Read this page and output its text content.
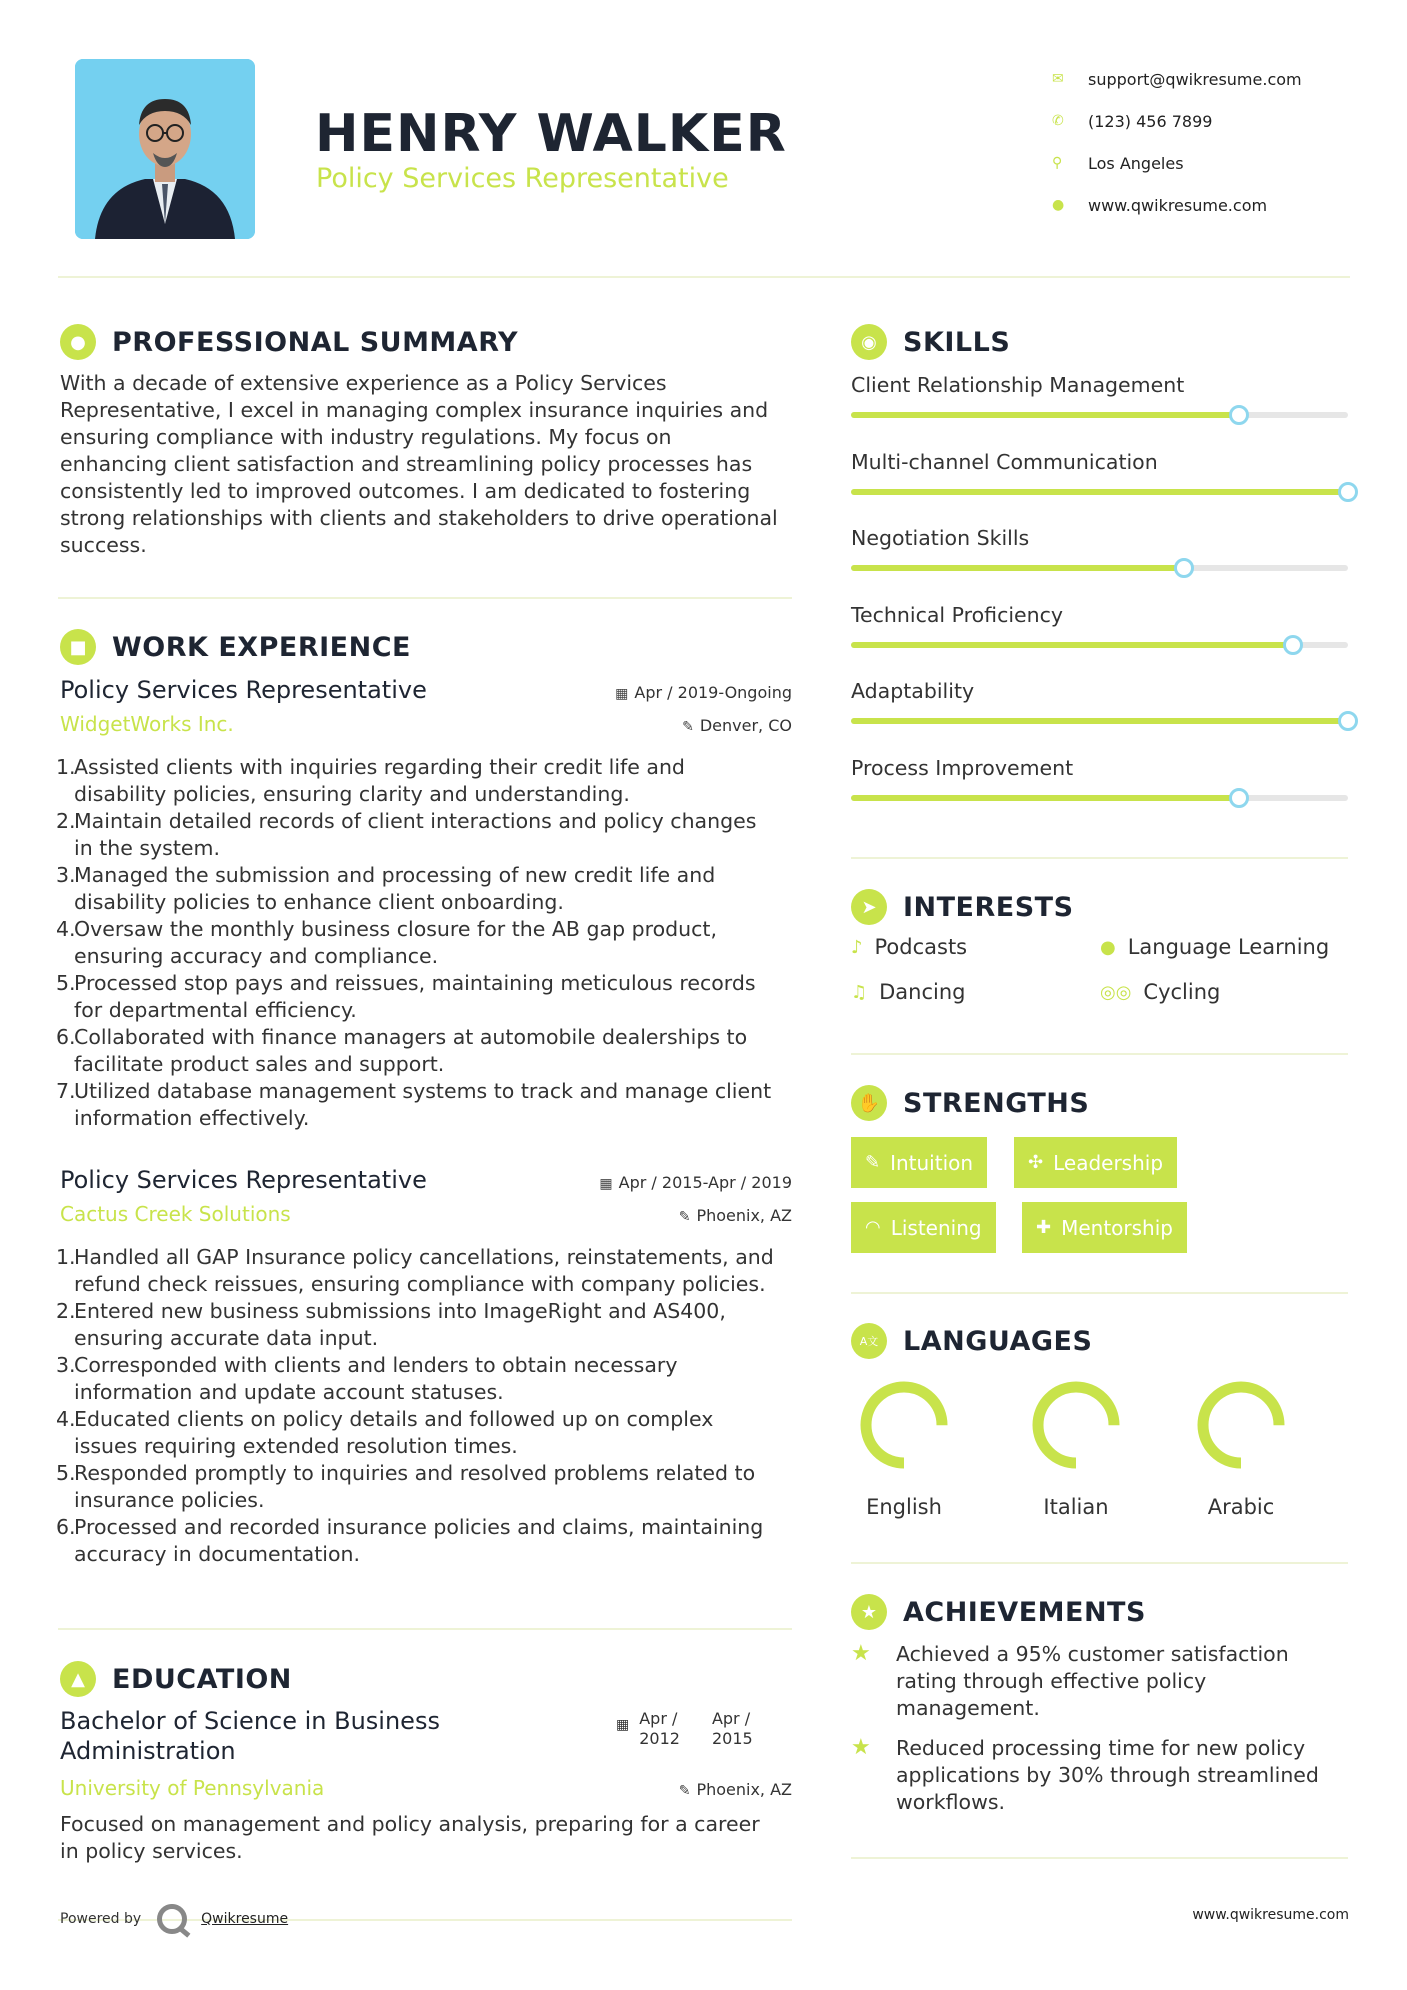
HENRY WALKER
Policy Services Representative
✉	support@qwikresume.com
✆	(123) 456 7899
⚲	Los Angeles
●	www.qwikresume.com
● PROFESSIONAL SUMMARY
With a decade of extensive experience as a Policy Services
Representative, I excel in managing complex insurance inquiries and
ensuring compliance with industry regulations. My focus on
enhancing client satisfaction and streamlining policy processes has
consistently led to improved outcomes. I am dedicated to fostering
strong relationships with clients and stakeholders to drive operational
success.
■ WORK EXPERIENCE
Policy Services Representative	▦ Apr / 2019-Ongoing
WidgetWorks Inc.	✎ Denver, CO
1.
Assisted clients with inquiries regarding their credit life and
disability policies, ensuring clarity and understanding.
2.
Maintain detailed records of client interactions and policy changes
in the system.
3.
Managed the submission and processing of new credit life and
disability policies to enhance client onboarding.
4.
Oversaw the monthly business closure for the AB gap product,
ensuring accuracy and compliance.
5.
Processed stop pays and reissues, maintaining meticulous records
for departmental efficiency.
6.
Collaborated with finance managers at automobile dealerships to
facilitate product sales and support.
7.
Utilized database management systems to track and manage client
information effectively.
Policy Services Representative	▦ Apr / 2015-Apr / 2019
Cactus Creek Solutions	✎ Phoenix, AZ
1.
Handled all GAP Insurance policy cancellations, reinstatements, and
refund check reissues, ensuring compliance with company policies.
2.
Entered new business submissions into ImageRight and AS400,
ensuring accurate data input.
3.
Corresponded with clients and lenders to obtain necessary
information and update account statuses.
4.
Educated clients on policy details and followed up on complex
issues requiring extended resolution times.
5.
Responded promptly to inquiries and resolved problems related to
insurance policies.
6.
Processed and recorded insurance policies and claims, maintaining
accuracy in documentation.
▲	EDUCATION
Bachelor of Science in Business
Administration
▦ Apr /
2012
Apr /
2015
University of Pennsylvania	✎ Phoenix, AZ
Focused on management and policy analysis, preparing for a career
in policy services.
◉ SKILLS
Client Relationship Management
Multi-channel Communication
Negotiation Skills
Technical Proficiency
Adaptability
Process Improvement
➤ INTERESTS
♪ Podcasts	● Language Learning
♫ Dancing	◎◎ Cycling
✋ STRENGTHS
✎ Intuition	✣ Leadership
◠ Listening	✚ Mentorship
A文 LANGUAGES
English	Italian	Arabic
★ ACHIEVEMENTS
★	Achieved a 95% customer satisfaction
rating through effective policy
management.
★	Reduced processing time for new policy
applications by 30% through streamlined
workflows.
Powered by	Qwikresume	www.qwikresume.com
